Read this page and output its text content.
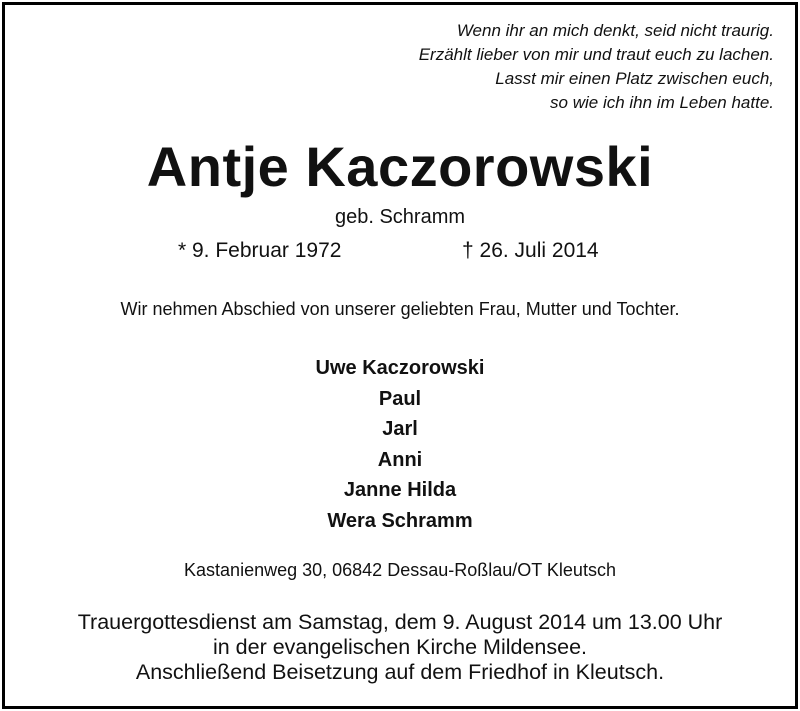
Wenn ihr an mich denkt, seid nicht traurig.
Erzählt lieber von mir und traut euch zu lachen.
Lasst mir einen Platz zwischen euch,
so wie ich ihn im Leben hatte.
Antje Kaczorowski
geb. Schramm
* 9. Februar 1972	† 26. Juli 2014
Wir nehmen Abschied von unserer geliebten Frau, Mutter und Tochter.
Uwe Kaczorowski
Paul
Jarl
Anni
Janne Hilda
Wera Schramm
Kastanienweg 30, 06842 Dessau-Roßlau/OT Kleutsch
Trauergottesdienst am Samstag, dem 9. August 2014 um 13.00 Uhr
in der evangelischen Kirche Mildensee.
Anschließend Beisetzung auf dem Friedhof in Kleutsch.
